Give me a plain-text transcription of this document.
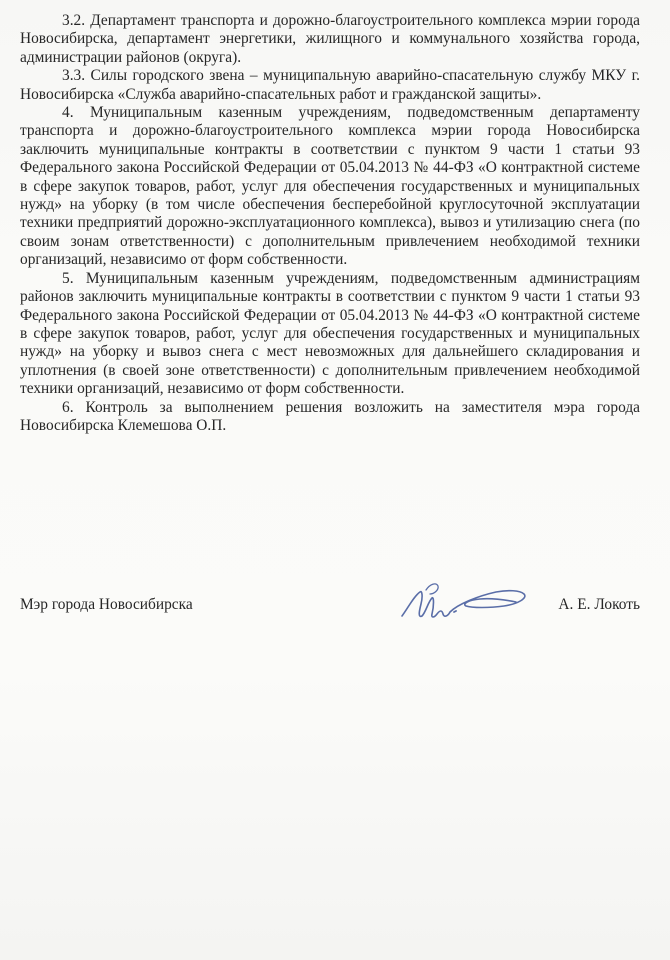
3.2. Департамент транспорта и дорожно-благоустроительного комплекса мэрии города Новосибирска, департамент энергетики, жилищного и коммунального хозяйства города, администрации районов (округа).

3.3. Силы городского звена – муниципальную аварийно-спасательную службу МКУ г. Новосибирска «Служба аварийно-спасательных работ и гражданской защиты».

4. Муниципальным казенным учреждениям, подведомственным департаменту транспорта и дорожно-благоустроительного комплекса мэрии города Новосибирска заключить муниципальные контракты в соответствии с пунктом 9 части 1 статьи 93 Федерального закона Российской Федерации от 05.04.2013 № 44-ФЗ «О контрактной системе в сфере закупок товаров, работ, услуг для обеспечения государственных и муниципальных нужд» на уборку (в том числе обеспечения бесперебойной круглосуточной эксплуатации техники предприятий дорожно-эксплуатационного комплекса), вывоз и утилизацию снега (по своим зонам ответственности) с дополнительным привлечением необходимой техники организаций, независимо от форм собственности.

5. Муниципальным казенным учреждениям, подведомственным администрациям районов заключить муниципальные контракты в соответствии с пунктом 9 части 1 статьи 93 Федерального закона Российской Федерации от 05.04.2013 № 44-ФЗ «О контрактной системе в сфере закупок товаров, работ, услуг для обеспечения государственных и муниципальных нужд» на уборку и вывоз снега с мест невозможных для дальнейшего складирования и уплотнения (в своей зоне ответственности) с дополнительным привлечением необходимой техники организаций, независимо от форм собственности.

6. Контроль за выполнением решения возложить на заместителя мэра города Новосибирска Клемешова О.П.

Мэр города Новосибирска	А. Е. Локоть
